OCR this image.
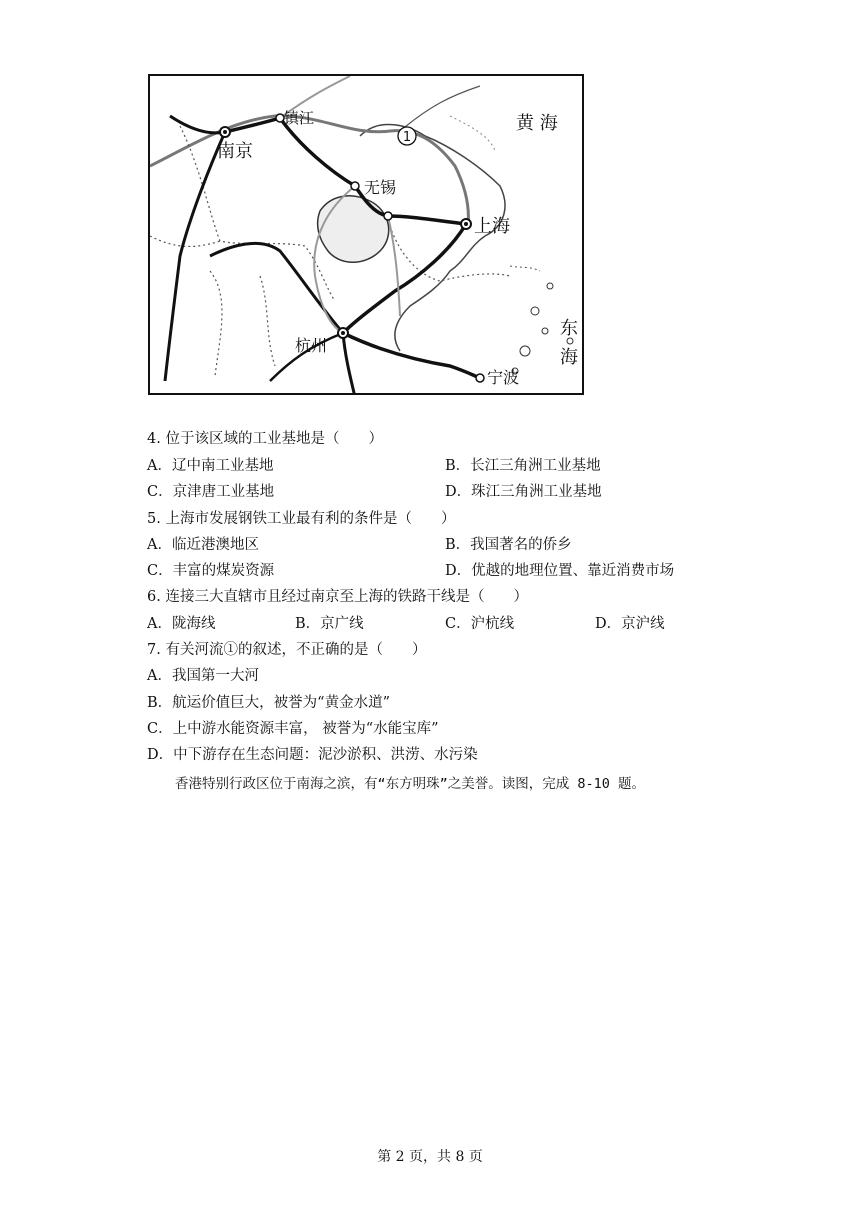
1
南京
镇江
无锡
上海
杭州
宁波
黄 海
东
海
4. 位于该区域的工业基地是（　　）
A．辽中南工业基地	B．长江三角洲工业基地
C．京津唐工业基地	D．珠江三角洲工业基地
5. 上海市发展钢铁工业最有利的条件是（　　）
A．临近港澳地区	B．我国著名的侨乡
C．丰富的煤炭资源	D．优越的地理位置、靠近消费市场
6. 连接三大直辖市且经过南京至上海的铁路干线是（　　）
A．陇海线	B．京广线	C．沪杭线	D．京沪线
7. 有关河流①的叙述，不正确的是（　　）
A．我国第一大河
B．航运价值巨大，被誉为“黄金水道”
C．上中游水能资源丰富， 被誉为“水能宝库”
D．中下游存在生态问题：泥沙淤积、洪涝、水污染
香港特别行政区位于南海之滨，有“东方明珠”之美誉。读图，完成 8-10 题。
第 2 页，共 8 页
